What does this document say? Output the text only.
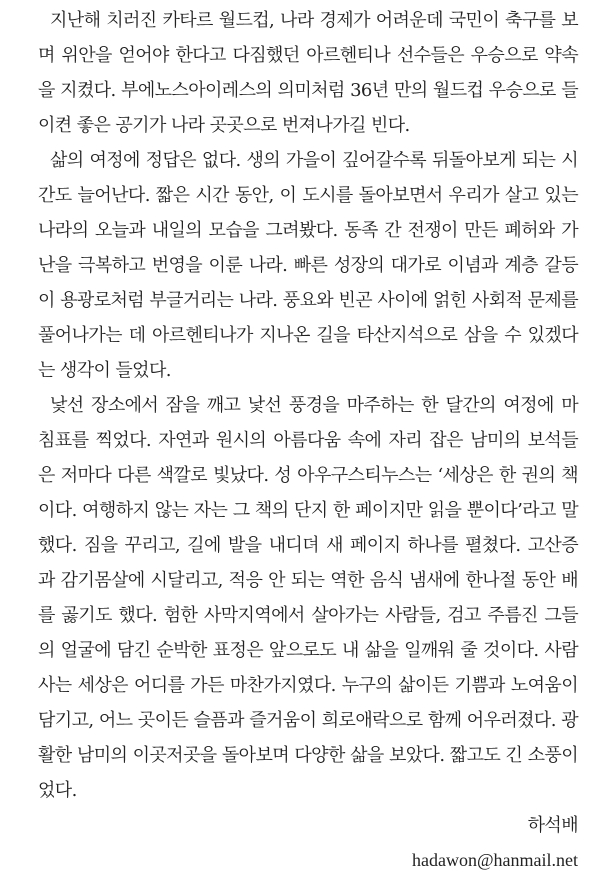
지난해 치러진 카타르 월드컵, 나라 경제가 어려운데 국민이 축구를 보
며 위안을 얻어야 한다고 다짐했던 아르헨티나 선수들은 우승으로 약속
을 지켰다. 부에노스아이레스의 의미처럼 36년 만의 월드컵 우승으로 들
이켠 좋은 공기가 나라 곳곳으로 번져나가길 빈다.
삶의 여정에 정답은 없다. 생의 가을이 깊어갈수록 뒤돌아보게 되는 시
간도 늘어난다. 짧은 시간 동안, 이 도시를 돌아보면서 우리가 살고 있는
나라의 오늘과 내일의 모습을 그려봤다. 동족 간 전쟁이 만든 폐허와 가
난을 극복하고 번영을 이룬 나라. 빠른 성장의 대가로 이념과 계층 갈등
이 용광로처럼 부글거리는 나라. 풍요와 빈곤 사이에 얽힌 사회적 문제를
풀어나가는 데 아르헨티나가 지나온 길을 타산지석으로 삼을 수 있겠다
는 생각이 들었다.
낯선 장소에서 잠을 깨고 낯선 풍경을 마주하는 한 달간의 여정에 마
침표를 찍었다. 자연과 원시의 아름다움 속에 자리 잡은 남미의 보석들
은 저마다 다른 색깔로 빛났다. 성 아우구스티누스는 ‘세상은 한 권의 책
이다. 여행하지 않는 자는 그 책의 단지 한 페이지만 읽을 뿐이다’라고 말
했다. 짐을 꾸리고, 길에 발을 내디뎌 새 페이지 하나를 펼쳤다. 고산증
과 감기몸살에 시달리고, 적응 안 되는 역한 음식 냄새에 한나절 동안 배
를 곯기도 했다. 험한 사막지역에서 살아가는 사람들, 검고 주름진 그들
의 얼굴에 담긴 순박한 표정은 앞으로도 내 삶을 일깨워 줄 것이다. 사람
사는 세상은 어디를 가든 마찬가지였다. 누구의 삶이든 기쁨과 노여움이
담기고, 어느 곳이든 슬픔과 즐거움이 희로애락으로 함께 어우러졌다. 광
활한 남미의 이곳저곳을 돌아보며 다양한 삶을 보았다. 짧고도 긴 소풍이
었다.

하석배

hadawon@hanmail.net
